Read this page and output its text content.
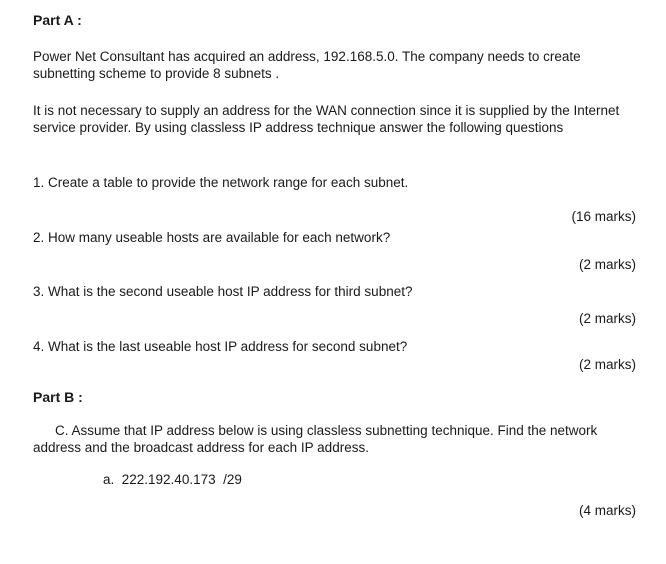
Part A :

Power Net Consultant has acquired an address, 192.168.5.0. The company needs to create subnetting scheme to provide 8 subnets .

It is not necessary to supply an address for the WAN connection since it is supplied by the Internet service provider. By using classless IP address technique answer the following questions

1. Create a table to provide the network range for each subnet.

(16 marks)

2. How many useable hosts are available for each network?

(2 marks)

3. What is the second useable host IP address for third subnet?

(2 marks)

4. What is the last useable host IP address for second subnet?

(2 marks)

Part B :

C. Assume that IP address below is using classless subnetting technique. Find the network address and the broadcast address for each IP address.

a.  222.192.40.173  /29

(4 marks)
